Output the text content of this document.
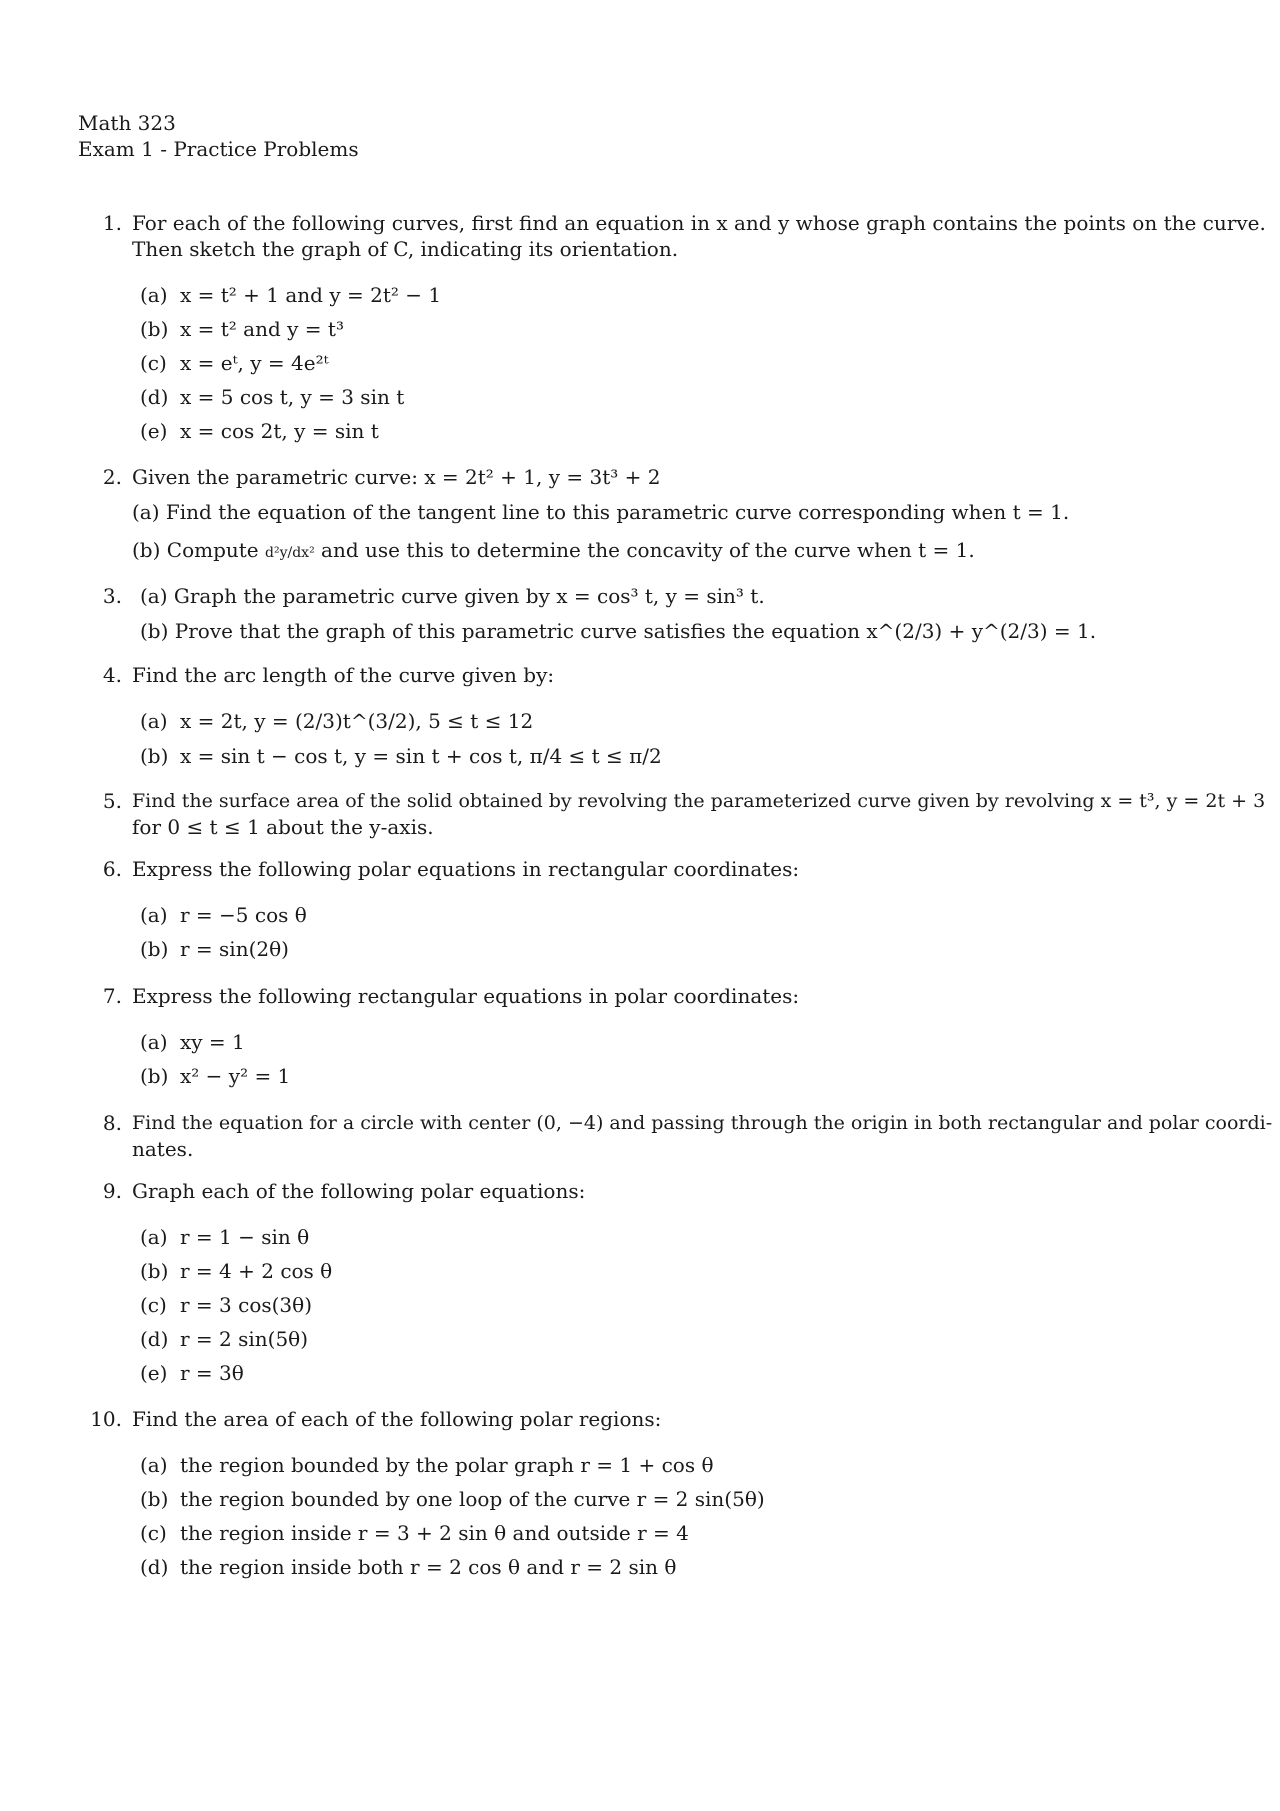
Math 323
Exam 1 - Practice Problems
1. For each of the following curves, first find an equation in x and y whose graph contains the points on the curve.
Then sketch the graph of C, indicating its orientation.
(a) x = t² + 1 and y = 2t² − 1
(b) x = t² and y = t³
(c) x = eᵗ, y = 4e²ᵗ
(d) x = 5 cos t, y = 3 sin t
(e) x = cos 2t, y = sin t
2. Given the parametric curve: x = 2t² + 1, y = 3t³ + 2
(a) Find the equation of the tangent line to this parametric curve corresponding when t = 1.
(b) Compute d²y/dx² and use this to determine the concavity of the curve when t = 1.
3. (a) Graph the parametric curve given by x = cos³ t, y = sin³ t.
(b) Prove that the graph of this parametric curve satisfies the equation x^(2/3) + y^(2/3) = 1.
4. Find the arc length of the curve given by:
(a) x = 2t, y = (2/3)t^(3/2), 5 ≤ t ≤ 12
(b) x = sin t − cos t, y = sin t + cos t, π/4 ≤ t ≤ π/2
5. Find the surface area of the solid obtained by revolving the parameterized curve given by revolving x = t³, y = 2t + 3
for 0 ≤ t ≤ 1 about the y-axis.
6. Express the following polar equations in rectangular coordinates:
(a) r = −5 cos θ
(b) r = sin(2θ)
7. Express the following rectangular equations in polar coordinates:
(a) xy = 1
(b) x² − y² = 1
8. Find the equation for a circle with center (0, −4) and passing through the origin in both rectangular and polar coordi-
nates.
9. Graph each of the following polar equations:
(a) r = 1 − sin θ
(b) r = 4 + 2 cos θ
(c) r = 3 cos(3θ)
(d) r = 2 sin(5θ)
(e) r = 3θ
10. Find the area of each of the following polar regions:
(a) the region bounded by the polar graph r = 1 + cos θ
(b) the region bounded by one loop of the curve r = 2 sin(5θ)
(c) the region inside r = 3 + 2 sin θ and outside r = 4
(d) the region inside both r = 2 cos θ and r = 2 sin θ
